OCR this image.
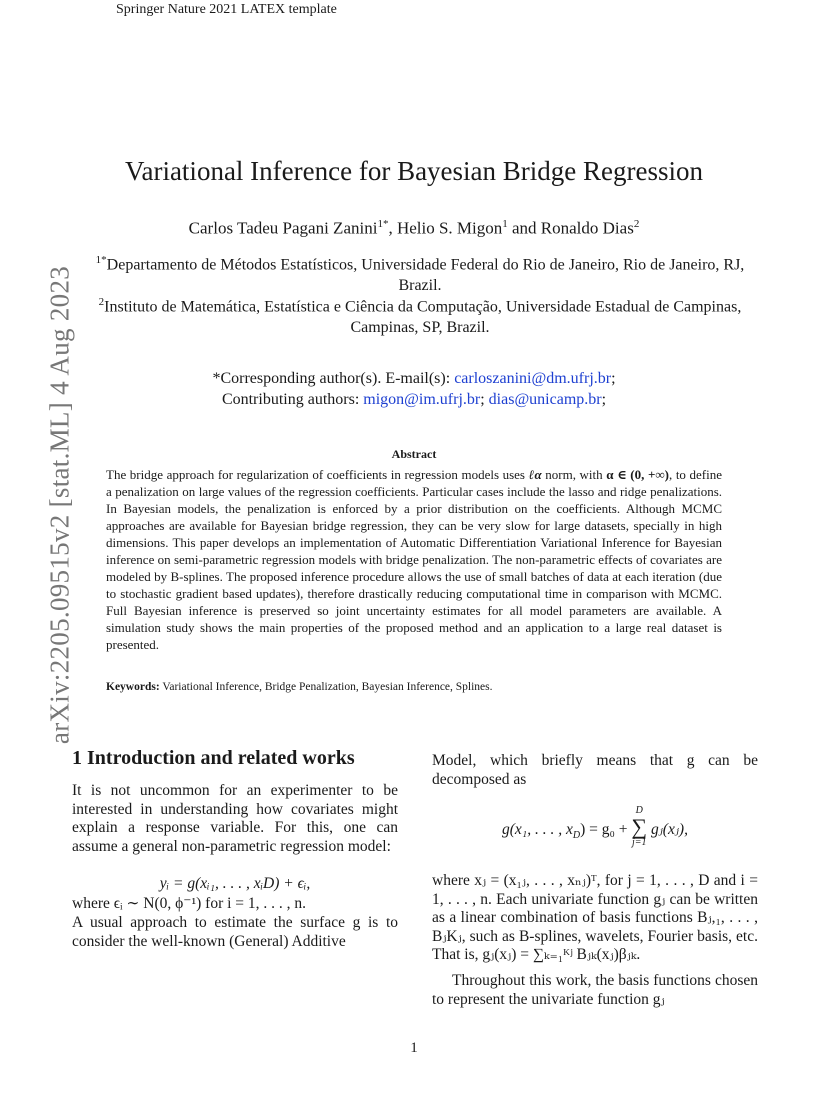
Springer Nature 2021 LATEX template
arXiv:2205.09515v2 [stat.ML] 4 Aug 2023
Variational Inference for Bayesian Bridge Regression
Carlos Tadeu Pagani Zanini$^{1*}$, Helio S. Migon$^1$ and Ronaldo Dias$^2$
$^{1*}$Departamento de Métodos Estatísticos, Universidade Federal do Rio de Janeiro, Rio de Janeiro, RJ, Brazil.
$^2$Instituto de Matemática, Estatística e Ciência da Computação, Universidade Estadual de Campinas, Campinas, SP, Brazil.
*Corresponding author(s). E-mail(s): carloszanini@dm.ufrj.br;
Contributing authors: migon@im.ufrj.br; dias@unicamp.br;
Abstract
The bridge approach for regularization of coefficients in regression models uses ℓα norm, with α ∈ (0, +∞), to define a penalization on large values of the regression coefficients. Particular cases include the lasso and ridge penalizations. In Bayesian models, the penalization is enforced by a prior distribution on the coefficients. Although MCMC approaches are available for Bayesian bridge regression, they can be very slow for large datasets, specially in high dimensions. This paper develops an implementation of Automatic Differentiation Variational Inference for Bayesian inference on semi-parametric regression models with bridge penalization. The non-parametric effects of covariates are modeled by B-splines. The proposed inference procedure allows the use of small batches of data at each iteration (due to stochastic gradient based updates), therefore drastically reducing computational time in comparison with MCMC. Full Bayesian inference is preserved so joint uncertainty estimates for all model parameters are available. A simulation study shows the main properties of the proposed method and an application to a large real dataset is presented.
Keywords: Variational Inference, Bridge Penalization, Bayesian Inference, Splines.
1 Introduction and related works
It is not uncommon for an experimenter to be interested in understanding how covariates might explain a response variable. For this, one can assume a general non-parametric regression model:
yᵢ = g(xᵢ₁, . . . , xᵢD) + ϵᵢ,
where ϵᵢ ∼ N(0, ϕ⁻¹) for i = 1, . . . , n.
A usual approach to estimate the surface g is to consider the well-known (General) Additive
Model, which briefly means that g can be decomposed as
g(x₁, . . . , $x_D) = g_0$ +
D
∑
j=1
gⱼ(xⱼ),
where xⱼ = (x₁ⱼ, . . . , xₙⱼ)ᵀ, for j = 1, . . . , D and i = 1, . . . , n. Each univariate function gⱼ can be written as a linear combination of basis functions Bⱼ,₁, . . . , BⱼKⱼ, such as B-splines, wavelets, Fourier basis, etc. That is, gⱼ(xⱼ) = ∑ₖ₌₁ᴷʲ Bⱼₖ(xⱼ)βⱼₖ.
Throughout this work, the basis functions chosen to represent the univariate function gⱼ
1
